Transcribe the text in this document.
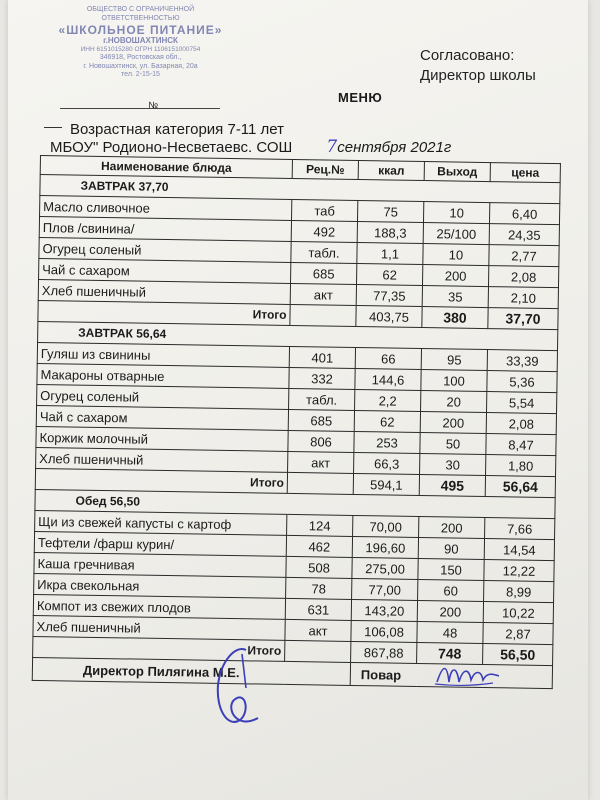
ОБЩЕСТВО С ОГРАНИЧЕННОЙ
ОТВЕТСТВЕННОСТЬЮ
«ШКОЛЬНОЕ ПИТАНИЕ»
г.НОВОШАХТИНСК
ИНН 6151015280 ОГРН 1106151000754
346918, Ростовская обл.,
г. Новошахтинск, ул. Базарная, 20а
тел. 2-15-15
Согласовано:
Директор школы
МЕНЮ
№
Возрастная категория 7-11 лет
МБОУ" Родионо-Несветаевс. СОШ 7сентября 2021г
Наименование блюда	Рец.№	ккал	Выход	цена
ЗАВТРАК 37,70				
Масло сливочное	таб	75	10	6,40
Плов /свинина/	492	188,3	25/100	24,35
Огурец соленый	табл.	1,1	10	2,77
Чай с сахаром	685	62	200	2,08
Хлеб пшеничный	акт	77,35	35	2,10
Итого		403,75	380	37,70
ЗАВТРАК 56,64				
Гуляш из свинины	401	66	95	33,39
Макароны отварные	332	144,6	100	5,36
Огурец соленый	табл.	2,2	20	5,54
Чай с сахаром	685	62	200	2,08
Коржик молочный	806	253	50	8,47
Хлеб пшеничный	акт	66,3	30	1,80
Итого		594,1	495	56,64
Обед 56,50				
Щи из свежей капусты с картоф	124	70,00	200	7,66
Тефтели /фарш курин/	462	196,60	90	14,54
Каша гречнивая	508	275,00	150	12,22
Икра свекольная	78	77,00	60	8,99
Компот из свежих плодов	631	143,20	200	10,22
Хлеб пшеничный	акт	106,08	48	2,87
Итого		867,88	748	56,50
Директор Пилягина М.Е.		Повар		
